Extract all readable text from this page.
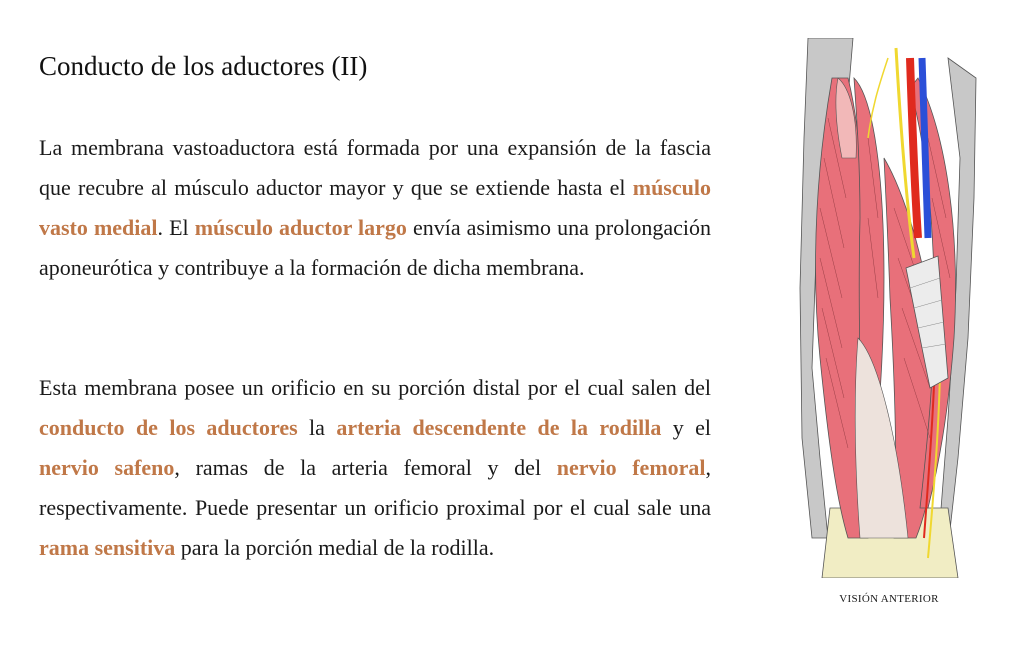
Conducto de los aductores (II)

La membrana vastoaductora está formada por una expansión de la fascia que recubre al músculo aductor mayor y que se extiende hasta el músculo vasto medial. El músculo aductor largo envía asimismo una prolongación aponeurótica y contribuye a la formación de dicha membrana.

Esta membrana posee un orificio en su porción distal por el cual salen del conducto de los aductores la arteria descendente de la rodilla y el nervio safeno, ramas de la arteria femoral y del nervio femoral, respectivamente. Puede presentar un orificio proximal por el cual sale una rama sensitiva para la porción medial de la rodilla.

VISIÓN ANTERIOR
